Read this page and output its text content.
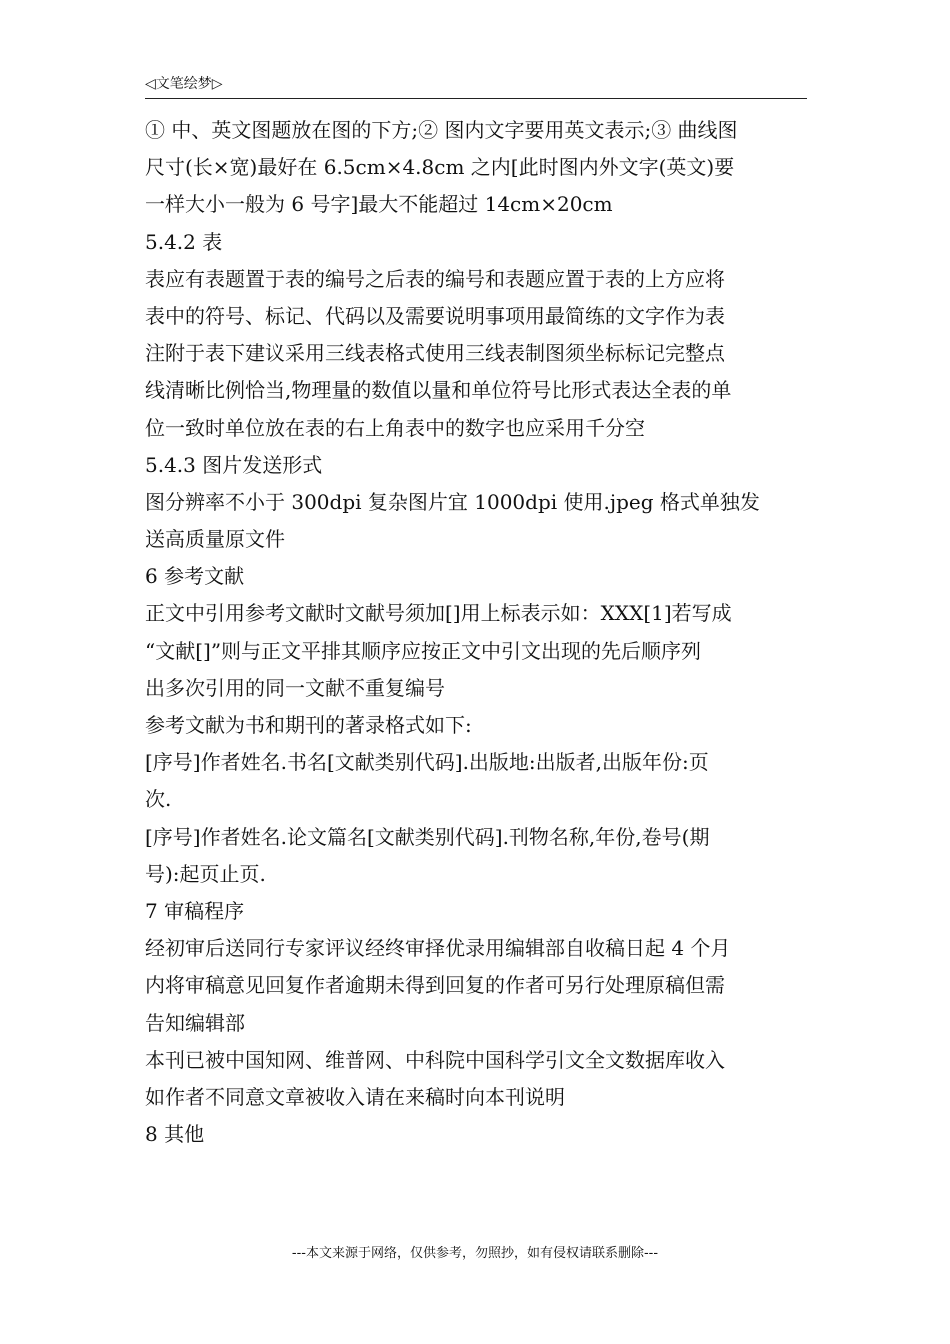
◁文笔绘梦▷
① 中、英文图题放在图的下方;② 图内文字要用英文表示;③ 曲线图
尺寸(长×宽)最好在 6.5cm×4.8cm 之内[此时图内外文字(英文)要
一样大小一般为 6 号字]最大不能超过 14cm×20cm
5.4.2 表
表应有表题置于表的编号之后表的编号和表题应置于表的上方应将
表中的符号、标记、代码以及需要说明事项用最简练的文字作为表
注附于表下建议采用三线表格式使用三线表制图须坐标标记完整点
线清晰比例恰当,物理量的数值以量和单位符号比形式表达全表的单
位一致时单位放在表的右上角表中的数字也应采用千分空
5.4.3 图片发送形式
图分辨率不小于 300dpi 复杂图片宜 1000dpi 使用.jpeg 格式单独发
送高质量原文件
6 参考文献
正文中引用参考文献时文献号须加[]用上标表示如：XXX[1]若写成
“文献[]”则与正文平排其顺序应按正文中引文出现的先后顺序列
出多次引用的同一文献不重复编号
参考文献为书和期刊的著录格式如下:
[序号]作者姓名.书名[文献类别代码].出版地:出版者,出版年份:页
次.
[序号]作者姓名.论文篇名[文献类别代码].刊物名称,年份,卷号(期
号):起页止页.
7 审稿程序
经初审后送同行专家评议经终审择优录用编辑部自收稿日起 4 个月
内将审稿意见回复作者逾期未得到回复的作者可另行处理原稿但需
告知编辑部
本刊已被中国知网、维普网、中科院中国科学引文全文数据库收入
如作者不同意文章被收入请在来稿时向本刊说明
8 其他
---本文来源于网络，仅供参考，勿照抄，如有侵权请联系删除---
